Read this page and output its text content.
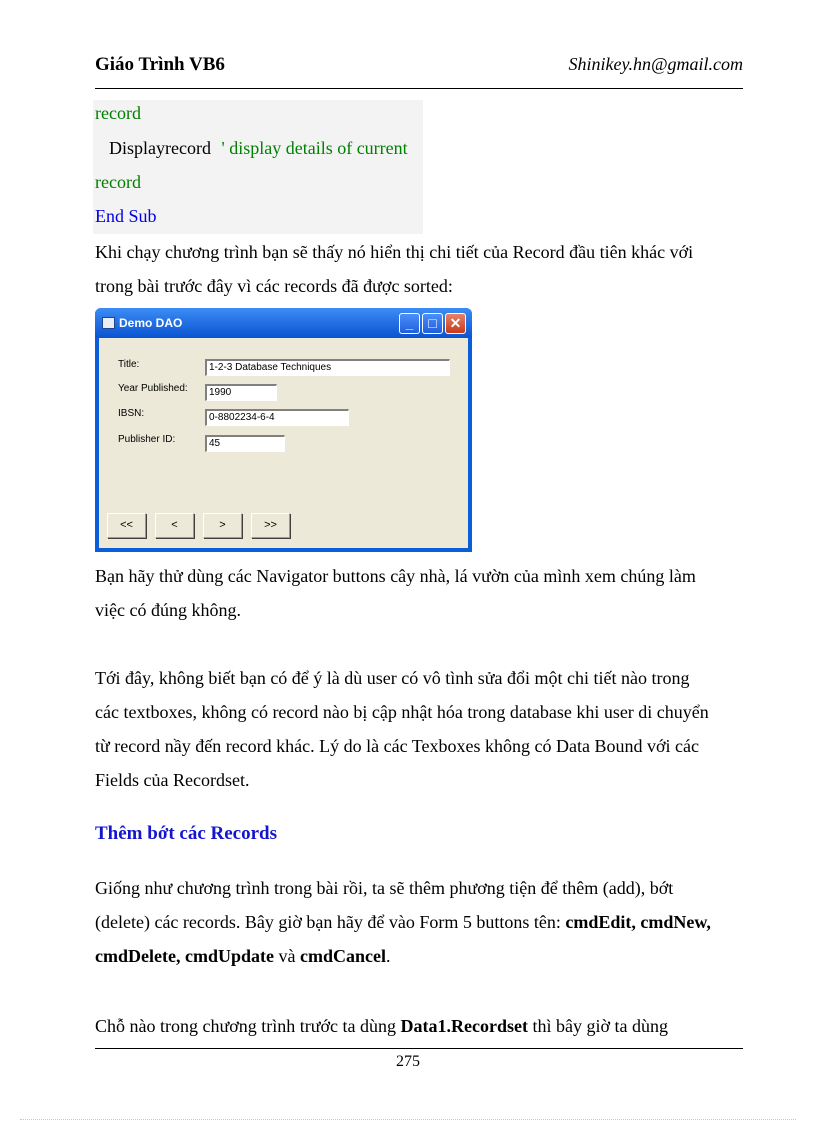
Giáo Trình VB6	Shinikey.hn@gmail.com
record
Displayrecord ' display details of current
record
End Sub
Khi chạy chương trình bạn sẽ thấy nó hiển thị chi tiết của Record đầu tiên khác với
trong bài trước đây vì các records đã được sorted:
Demo DAO	_	□ ✕
Title:	1-2-3 Database Techniques
Year Published:	1990
IBSN:	0-8802234-6-4
Publisher ID:	45
<<	<	>	>>
Bạn hãy thử dùng các Navigator buttons cây nhà, lá vườn của mình xem chúng làm
việc có đúng không.
Tới đây, không biết bạn có để ý là dù user có vô tình sửa đổi một chi tiết nào trong
các textboxes, không có record nào bị cập nhật hóa trong database khi user di chuyển
từ record nầy đến record khác. Lý do là các Texboxes không có Data Bound với các
Fields của Recordset.
Thêm bớt các Records
Giống như chương trình trong bài rồi, ta sẽ thêm phương tiện để thêm (add), bớt
(delete) các records. Bây giờ bạn hãy để vào Form 5 buttons tên: cmdEdit, cmdNew,
cmdDelete, cmdUpdate và cmdCancel.
Chỗ nào trong chương trình trước ta dùng Data1.Recordset thì bây giờ ta dùng
275
